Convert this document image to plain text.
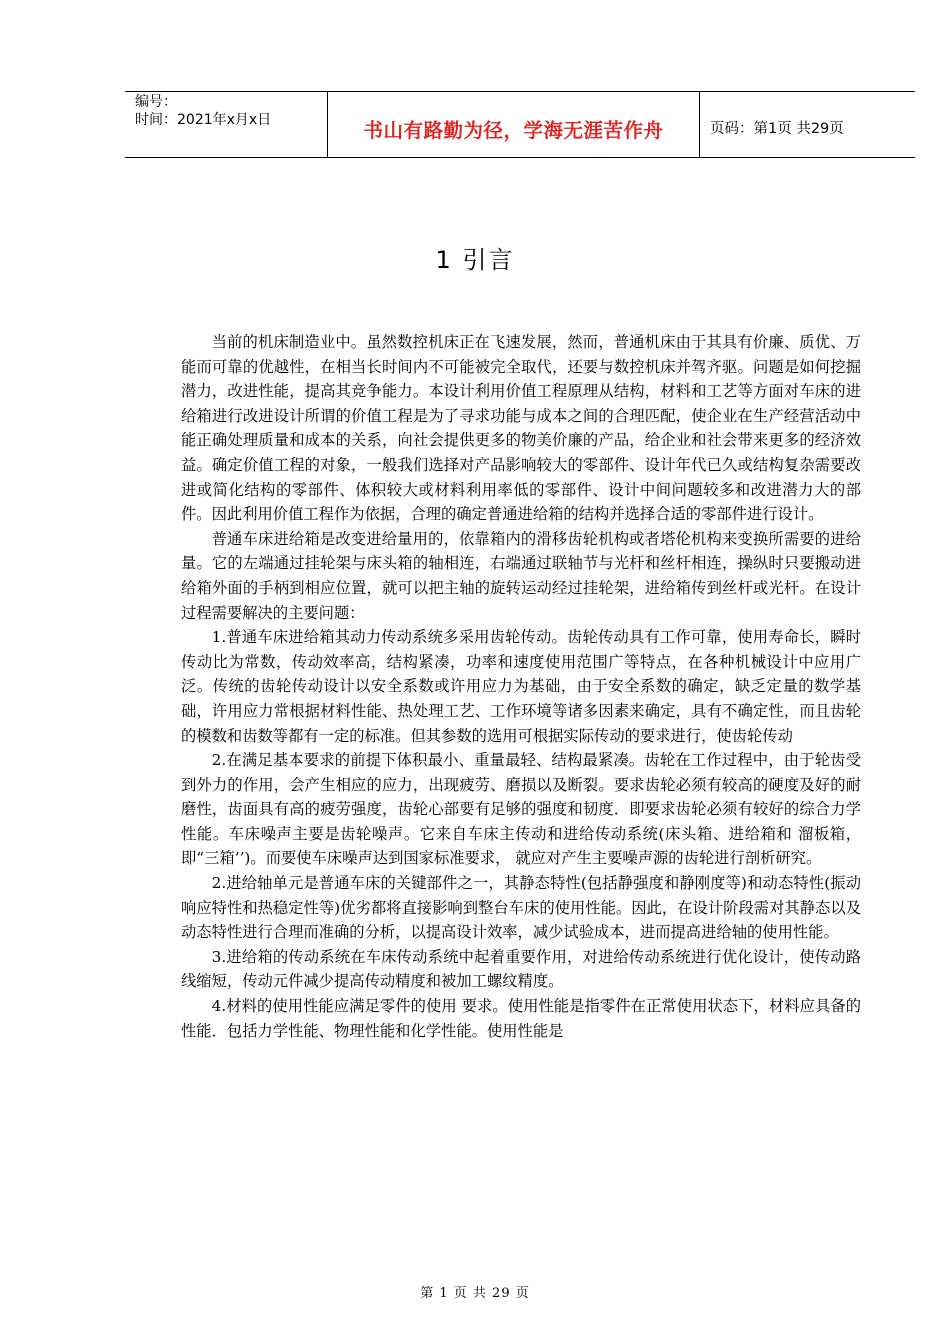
编号：
时间：2021年x月x日	书山有路勤为径，学海无涯苦作舟	页码：第1页 共29页
1 引言

当前的机床制造业中。虽然数控机床正在飞速发展，然而，普通机床由于其具有价廉、质优、万能而可靠的优越性，在相当长时间内不可能被完全取代，还要与数控机床并驾齐驱。问题是如何挖掘潜力，改进性能，提高其竞争能力。本设计利用价值工程原理从结构，材料和工艺等方面对车床的进给箱进行改进设计所谓的价值工程是为了寻求功能与成本之间的合理匹配，使企业在生产经营活动中能正确处理质量和成本的关系，向社会提供更多的物美价廉的产品，给企业和社会带来更多的经济效益。确定价值工程的对象，一般我们选择对产品影响较大的零部件、设计年代已久或结构复杂需要改进或简化结构的零部件、体积较大或材料利用率低的零部件、设计中间问题较多和改进潜力大的部件。因此利用价值工程作为依据，合理的确定普通进给箱的结构并选择合适的零部件进行设计。

普通车床进给箱是改变进给量用的，依靠箱内的滑移齿轮机构或者塔伦机构来变换所需要的进给量。它的左端通过挂轮架与床头箱的轴相连，右端通过联轴节与光杆和丝杆相连，操纵时只要搬动进给箱外面的手柄到相应位置，就可以把主轴的旋转运动经过挂轮架，进给箱传到丝杆或光杆。在设计过程需要解决的主要问题：

1.普通车床进给箱其动力传动系统多采用齿轮传动。齿轮传动具有工作可靠，使用寿命长，瞬时传动比为常数，传动效率高，结构紧凑，功率和速度使用范围广等特点，在各种机械设计中应用广泛。传统的齿轮传动设计以安全系数或许用应力为基础，由于安全系数的确定，缺乏定量的数学基础，许用应力常根据材料性能、热处理工艺、工作环境等诸多因素来确定，具有不确定性，而且齿轮的模数和齿数等都有一定的标准。但其参数的选用可根据实际传动的要求进行，使齿轮传动

2.在满足基本要求的前提下体积最小、重量最轻、结构最紧凑。齿轮在工作过程中，由于轮齿受到外力的作用，会产生相应的应力，出现疲劳、磨损以及断裂。要求齿轮必须有较高的硬度及好的耐磨性，齿面具有高的疲劳强度，齿轮心部要有足够的强度和韧度．即要求齿轮必须有较好的综合力学性能。车床噪声主要是齿轮噪声。它来自车床主传动和进给传动系统(床头箱、进给箱和 溜板箱，即“三箱’’)。而要使车床噪声达到国家标准要求， 就应对产生主要噪声源的齿轮进行剖析研究。

2.进给轴单元是普通车床的关键部件之一，其静态特性(包括静强度和静刚度等)和动态特性(振动响应特性和热稳定性等)优劣都将直接影响到整台车床的使用性能。因此，在设计阶段需对其静态以及动态特性进行合理而准确的分析，以提高设计效率，减少试验成本，进而提高进给轴的使用性能。

3.进给箱的传动系统在车床传动系统中起着重要作用，对进给传动系统进行优化设计，使传动路线缩短，传动元件减少提高传动精度和被加工螺纹精度。

4.材料的使用性能应满足零件的使用 要求。使用性能是指零件在正常使用状态下，材料应具备的性能．包括力学性能、物理性能和化学性能。使用性能是

第 1 页 共 29 页
